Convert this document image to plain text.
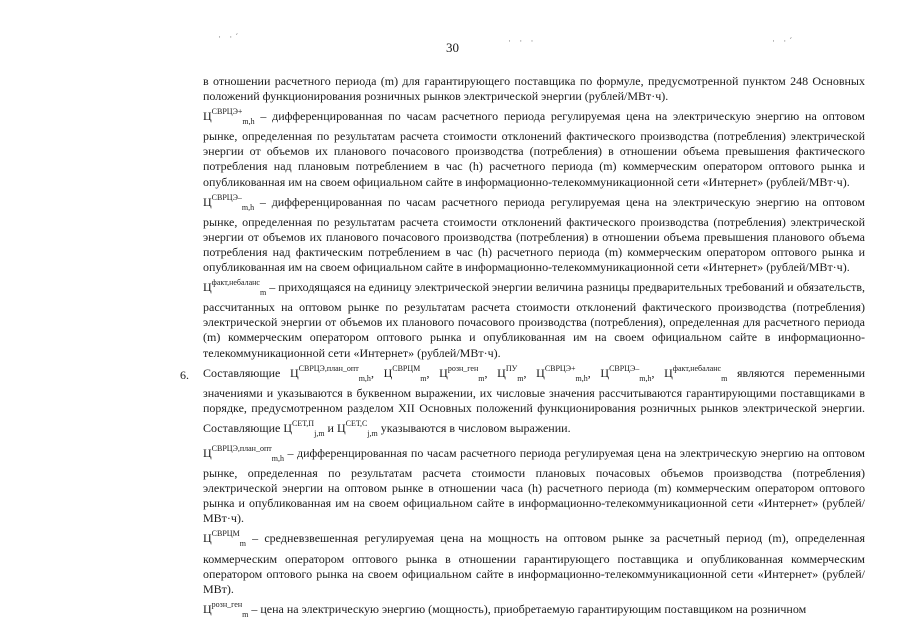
· ·´	· · ·	· ·´
30

в отношении расчетного периода (m) для гарантирующего поставщика по формуле, предусмотренной пунктом 248 Основных положений функционирования розничных рынков электрической энергии (рублей/МВт·ч).

$Ц^{СВРЦЭ+}_{m,h}$ – дифференцированная по часам расчетного периода регулируемая цена на электрическую энергию на оптовом рынке, определенная по результатам расчета стоимости отклонений фактического производства (потребления) электрической энергии от объемов их планового почасового производства (потребления) в отношении объема превышения фактического потребления над плановым потреблением в час (h) расчетного периода (m) коммерческим оператором оптового рынка и опубликованная им на своем официальном сайте в информационно-телекоммуникационной сети «Интернет» (рублей/МВт·ч).

$Ц^{СВРЦЭ-}_{m,h}$ – дифференцированная по часам расчетного периода регулируемая цена на электрическую энергию на оптовом рынке, определенная по результатам расчета стоимости отклонений фактического производства (потребления) электрической энергии от объемов их планового почасового производства (потребления) в отношении объема превышения планового объема потребления над фактическим потреблением в час (h) расчетного периода (m) коммерческим оператором оптового рынка и опубликованная им на своем официальном сайте в информационно-телекоммуникационной сети «Интернет» (рублей/МВт·ч).

$Ц^{факт,небаланс}_m$ – приходящаяся на единицу электрической энергии величина разницы предварительных требований и обязательств, рассчитанных на оптовом рынке по результатам расчета стоимости отклонений фактического производства (потребления) электрической энергии от объемов их планового почасового производства (потребления), определенная для расчетного периода (m) коммерческим оператором оптового рынка и опубликованная им на своем официальном сайте в информационно-телекоммуникационной сети «Интернет» (рублей/МВт·ч).

Составляющие $Ц^{СВРЦЭ,план\_опт}_{m,h}$, $Ц^{СВРЦМ}_m$, $Ц^{розн\_ген}_m$, $Ц^{ПУ}_m$, $Ц^{СВРЦЭ+}_{m,h}$, $Ц^{СВРЦЭ-}_{m,h}$, $Ц^{факт,небаланс}_m$ являются переменными значениями и указываются в буквенном выражении, их числовые значения рассчитываются гарантирующими поставщиками в порядке, предусмотренном разделом XII Основных положений функционирования розничных рынков электрической энергии. Составляющие $Ц^{СЕТ,П}_{j,m}$ и $Ц^{СЕТ,С}_{j,m}$ указываются в числовом выражении.

$Ц^{СВРЦЭ,план\_опт}_{m,h}$ – дифференцированная по часам расчетного периода регулируемая цена на электрическую энергию на оптовом рынке, определенная по результатам расчета стоимости плановых почасовых объемов производства (потребления) электрической энергии на оптовом рынке в отношении часа (h) расчетного периода (m) коммерческим оператором оптового рынка и опубликованная им на своем официальном сайте в информационно-телекоммуникационной сети «Интернет» (рублей/МВт·ч).

$Ц^{СВРЦМ}_m$ – средневзвешенная регулируемая цена на мощность на оптовом рынке за расчетный период (m), определенная коммерческим оператором оптового рынка в отношении гарантирующего поставщика и опубликованная коммерческим оператором оптового рынка на своем официальном сайте в информационно-телекоммуникационной сети «Интернет» (рублей/МВт).

$Ц^{розн\_ген}_m$ – цена на электрическую энергию (мощность), приобретаемую гарантирующим поставщиком на розничном

6.
